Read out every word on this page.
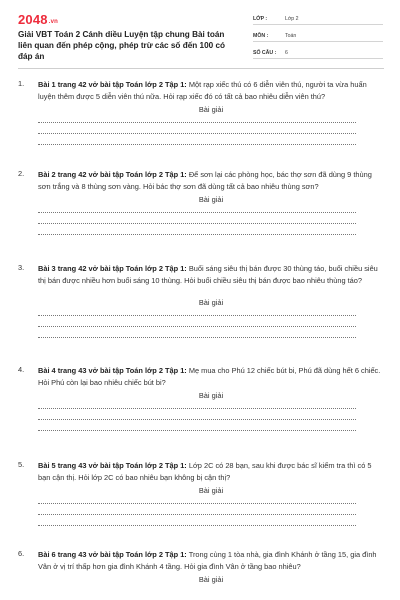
2048.vn
Giải VBT Toán 2 Cánh diều Luyện tập chung Bài toán liên quan đến phép cộng, phép trừ các số đến 100 có đáp án
LỚP :	Lớp 2
MÔN :	Toán
SỐ CÂU : 6
1. Bài 1 trang 42 vở bài tập Toán lớp 2 Tập 1: Một rạp xiếc thú có 6 diễn viên thú, người ta vừa huấn luyện thêm được 5 diễn viên thú nữa. Hỏi rạp xiếc đó có tất cả bao nhiêu diễn viên thú?
Bài giải
2. Bài 2 trang 42 vở bài tập Toán lớp 2 Tập 1: Để sơn lại các phòng học, bác thợ sơn đã dùng 9 thùng sơn trắng và 8 thùng sơn vàng. Hỏi bác thợ sơn đã dùng tất cả bao nhiêu thùng sơn?
Bài giải
3. Bài 3 trang 42 vở bài tập Toán lớp 2 Tập 1: Buổi sáng siêu thị bán được 30 thùng táo, buổi chiều siêu thị bán được nhiều hơn buổi sáng 10 thùng. Hỏi buổi chiều siêu thị bán được bao nhiêu thùng táo?
Bài giải
4. Bài 4 trang 43 vở bài tập Toán lớp 2 Tập 1: Mẹ mua cho Phú 12 chiếc bút bi, Phú đã dùng hết 6 chiếc. Hỏi Phú còn lại bao nhiêu chiếc bút bi?
Bài giải
5. Bài 5 trang 43 vở bài tập Toán lớp 2 Tập 1: Lớp 2C có 28 bạn, sau khi được bác sĩ kiểm tra thì có 5 bạn cận thị. Hỏi lớp 2C có bao nhiêu bạn không bị cận thị?
Bài giải
6. Bài 6 trang 43 vở bài tập Toán lớp 2 Tập 1: Trong cùng 1 tòa nhà, gia đình Khánh ở tầng 15, gia đình Vân ở vị trí thấp hơn gia đình Khánh 4 tầng. Hỏi gia đình Vân ở tầng bao nhiêu?
Bài giải
